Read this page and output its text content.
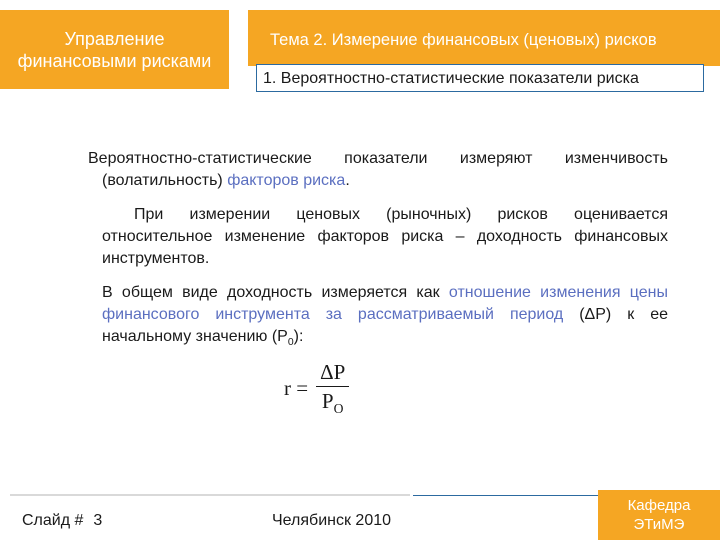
Управление
финансовыми рисками
Тема 2. Измерение финансовых (ценовых) рисков
1. Вероятностно-статистические показатели риска

Вероятностно-статистические показатели измеряют изменчивость (волатильность) факторов риска.

При измерении ценовых (рыночных) рисков оценивается относительное изменение факторов риска – доходность финансовых инструментов.

В общем виде доходность измеряется как отношение изменения цены финансового инструмента за рассматриваемый период (ΔP) к ее начальному значению $(P_0)$:

$r = \frac{\Delta P}{P_O}$
Слайд # 3	Челябинск 2010
Кафедра
ЭТиМЭ
